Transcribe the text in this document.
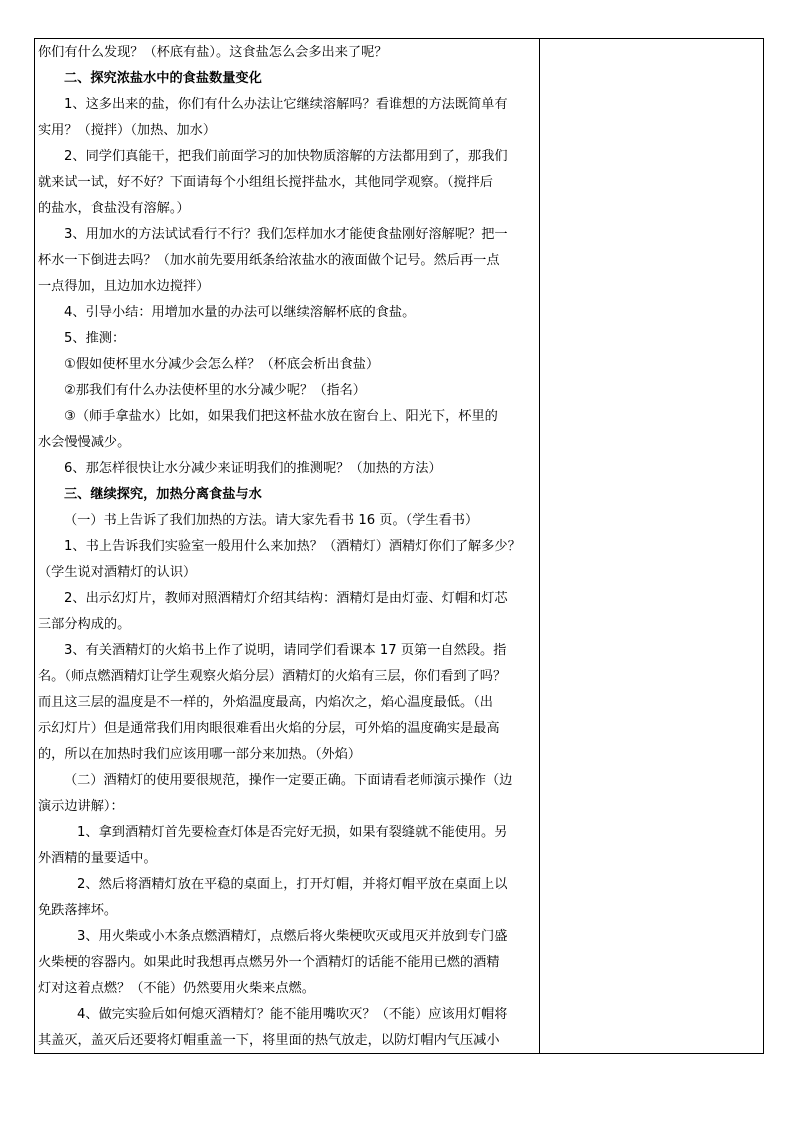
你们有什么发现？（杯底有盐）。这食盐怎么会多出来了呢？
二、探究浓盐水中的食盐数量变化
1、这多出来的盐，你们有什么办法让它继续溶解吗？看谁想的方法既简单有
实用？（搅拌）（加热、加水）
2、同学们真能干，把我们前面学习的加快物质溶解的方法都用到了，那我们
就来试一试，好不好？下面请每个小组组长搅拌盐水，其他同学观察。（搅拌后
的盐水，食盐没有溶解。）
3、用加水的方法试试看行不行？我们怎样加水才能使食盐刚好溶解呢？把一
杯水一下倒进去吗？（加水前先要用纸条给浓盐水的液面做个记号。然后再一点
一点得加，且边加水边搅拌）
4、引导小结：用增加水量的办法可以继续溶解杯底的食盐。
5、推测：
①假如使杯里水分减少会怎么样？（杯底会析出食盐）
②那我们有什么办法使杯里的水分减少呢？（指名）
③（师手拿盐水）比如，如果我们把这杯盐水放在窗台上、阳光下，杯里的
水会慢慢减少。
6、那怎样很快让水分减少来证明我们的推测呢？（加热的方法）
三、继续探究，加热分离食盐与水
（一）书上告诉了我们加热的方法。请大家先看书 16 页。（学生看书）
1、书上告诉我们实验室一般用什么来加热？（酒精灯）酒精灯你们了解多少？
（学生说对酒精灯的认识）
2、出示幻灯片，教师对照酒精灯介绍其结构：酒精灯是由灯壶、灯帽和灯芯
三部分构成的。
3、有关酒精灯的火焰书上作了说明，请同学们看课本 17 页第一自然段。指
名。（师点燃酒精灯让学生观察火焰分层）酒精灯的火焰有三层，你们看到了吗？
而且这三层的温度是不一样的，外焰温度最高，内焰次之，焰心温度最低。（出
示幻灯片）但是通常我们用肉眼很难看出火焰的分层，可外焰的温度确实是最高
的，所以在加热时我们应该用哪一部分来加热。（外焰）
（二）酒精灯的使用要很规范，操作一定要正确。下面请看老师演示操作（边
演示边讲解）：
1、拿到酒精灯首先要检查灯体是否完好无损，如果有裂缝就不能使用。另
外酒精的量要适中。
2、然后将酒精灯放在平稳的桌面上，打开灯帽，并将灯帽平放在桌面上以
免跌落摔坏。
3、用火柴或小木条点燃酒精灯，点燃后将火柴梗吹灭或甩灭并放到专门盛
火柴梗的容器内。如果此时我想再点燃另外一个酒精灯的话能不能用已燃的酒精
灯对这着点燃？（不能）仍然要用火柴来点燃。
4、做完实验后如何熄灭酒精灯？能不能用嘴吹灭？（不能）应该用灯帽将
其盖灭，盖灭后还要将灯帽重盖一下，将里面的热气放走，以防灯帽内气压减小
